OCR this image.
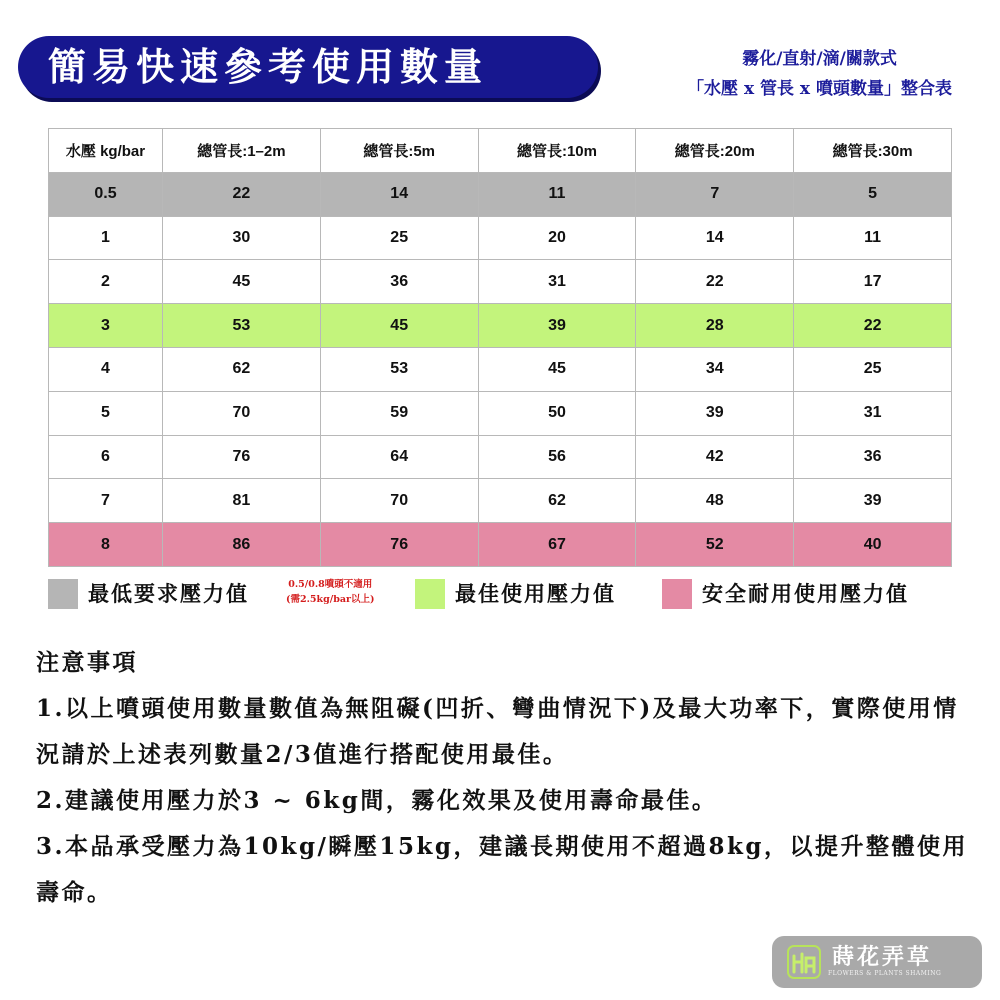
簡易快速參考使用數量	霧化/直射/滴/關款式
「水壓 x 管長 x 噴頭數量」整合表
水壓 kg/bar	總管長:1–2m	總管長:5m	總管長:10m	總管長:20m	總管長:30m
0.5	22	14	11	7	5
1	30	25	20	14	11
2	45	36	31	22	17
3	53	45	39	28	22
4	62	53	45	34	25
5	70	59	50	39	31
6	76	64	56	42	36
7	81	70	62	48	39
8	86	76	67	52	40
最低要求壓力值	0.5/0.8噴頭不適用
(需2.5kg/bar以上)	最佳使用壓力值	安全耐用使用壓力值

注意事項

1.以上噴頭使用數量數值為無阻礙(凹折、彎曲情況下)及最大功率下，實際使用情況請於上述表列數量2/3值進行搭配使用最佳。

2.建議使用壓力於3 ~ 6kg間，霧化效果及使用壽命最佳。

3.本品承受壓力為10kg/瞬壓15kg，建議長期使用不超過8kg，以提升整體使用壽命。

蒔花弄草
FLOWERS & PLANTS SHAMING
